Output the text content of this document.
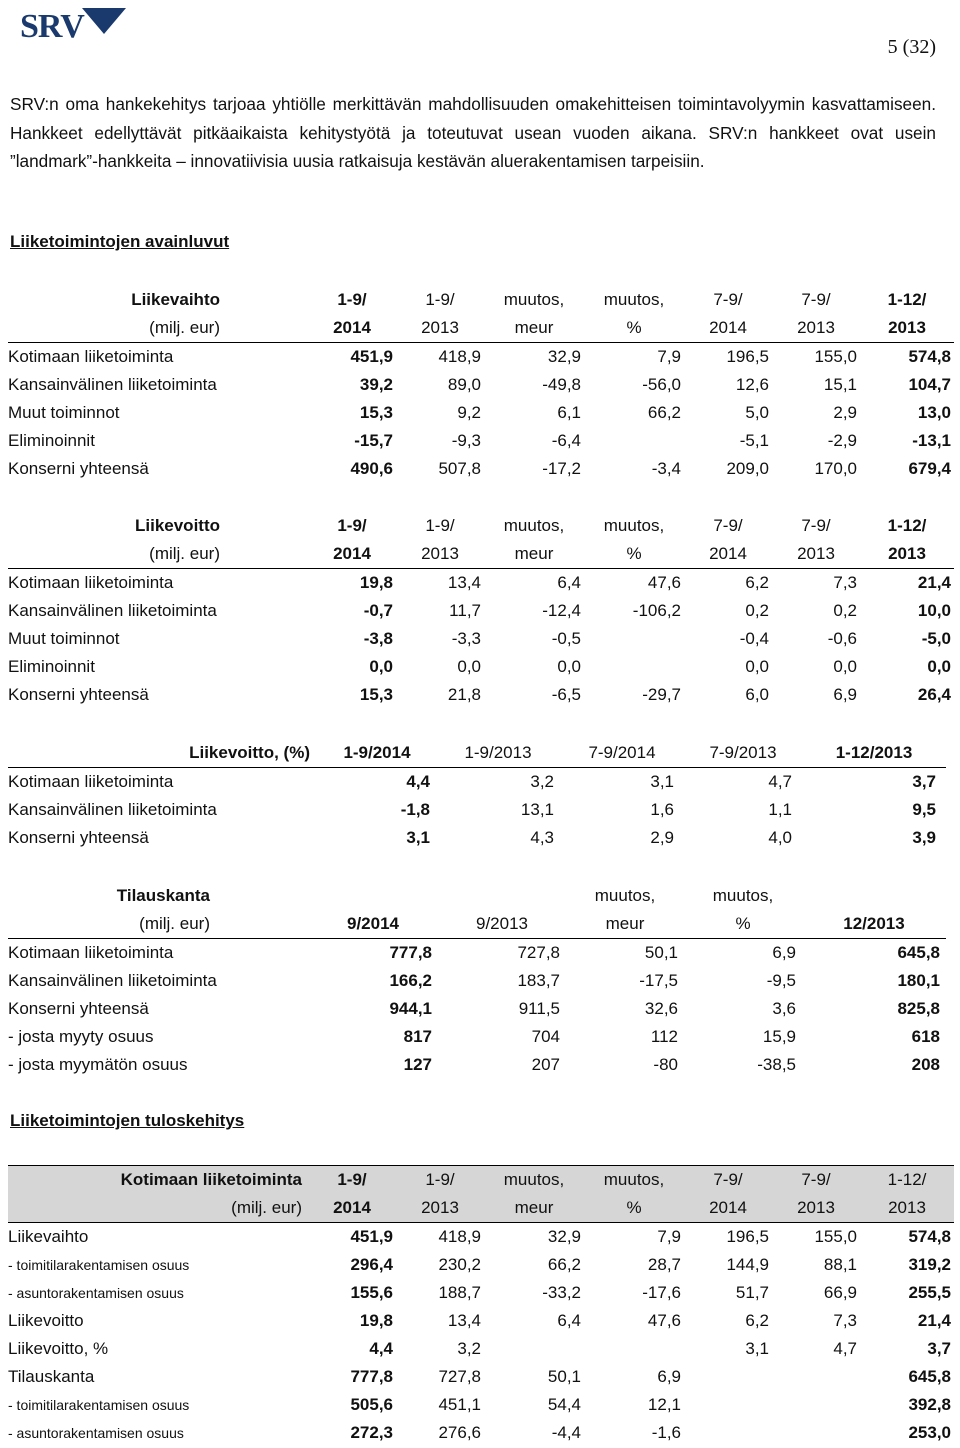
SRV
5 (32)

SRV:n oma hankekehitys tarjoaa yhtiölle merkittävän mahdollisuuden omakehitteisen toimintavolyymin kasvattamiseen. Hankkeet edellyttävät pitkäaikaista kehitystyötä ja toteutuvat usean vuoden aikana. SRV:n hankkeet ovat usein ”landmark”-hankkeita – innovatiivisia uusia ratkaisuja kestävän aluerakentamisen tarpeisiin.

Liiketoimintojen avainluvut
Liikevaihto	1-9/	1-9/	muutos,	muutos,	7-9/	7-9/	1-12/
(milj. eur)	2014	2013	meur	%	2014	2013	2013
Kotimaan liiketoiminta	451,9	418,9	32,9	7,9	196,5	155,0	574,8
Kansainvälinen liiketoiminta	39,2	89,0	-49,8	-56,0	12,6	15,1	104,7
Muut toiminnot	15,3	9,2	6,1	66,2	5,0	2,9	13,0
Eliminoinnit	-15,7	-9,3	-6,4		-5,1	-2,9	-13,1
Konserni yhteensä	490,6	507,8	-17,2	-3,4	209,0	170,0	679,4
Liikevoitto	1-9/	1-9/	muutos,	muutos,	7-9/	7-9/	1-12/
(milj. eur)	2014	2013	meur	%	2014	2013	2013
Kotimaan liiketoiminta	19,8	13,4	6,4	47,6	6,2	7,3	21,4
Kansainvälinen liiketoiminta	-0,7	11,7	-12,4	-106,2	0,2	0,2	10,0
Muut toiminnot	-3,8	-3,3	-0,5		-0,4	-0,6	-5,0
Eliminoinnit	0,0	0,0	0,0		0,0	0,0	0,0
Konserni yhteensä	15,3	21,8	-6,5	-29,7	6,0	6,9	26,4
Liikevoitto, (%)	1-9/2014	1-9/2013	7-9/2014	7-9/2013	1-12/2013
Kotimaan liiketoiminta	4,4	3,2	3,1	4,7	3,7
Kansainvälinen liiketoiminta	-1,8	13,1	1,6	1,1	9,5
Konserni yhteensä	3,1	4,3	2,9	4,0	3,9
Tilauskanta			muutos,	muutos,	
(milj. eur)	9/2014	9/2013	meur	%	12/2013
Kotimaan liiketoiminta	777,8	727,8	50,1	6,9	645,8
Kansainvälinen liiketoiminta	166,2	183,7	-17,5	-9,5	180,1
Konserni yhteensä	944,1	911,5	32,6	3,6	825,8
- josta myyty osuus	817	704	112	15,9	618
- josta myymätön osuus	127	207	-80	-38,5	208
Liiketoimintojen tuloskehitys
Kotimaan liiketoiminta	1-9/	1-9/	muutos,	muutos,	7-9/	7-9/	1-12/
(milj. eur)	2014	2013	meur	%	2014	2013	2013
Liikevaihto	451,9	418,9	32,9	7,9	196,5	155,0	574,8
- toimitilarakentamisen osuus	296,4	230,2	66,2	28,7	144,9	88,1	319,2
- asuntorakentamisen osuus	155,6	188,7	-33,2	-17,6	51,7	66,9	255,5
Liikevoitto	19,8	13,4	6,4	47,6	6,2	7,3	21,4
Liikevoitto, %	4,4	3,2			3,1	4,7	3,7
Tilauskanta	777,8	727,8	50,1	6,9			645,8
- toimitilarakentamisen osuus	505,6	451,1	54,4	12,1			392,8
- asuntorakentamisen osuus	272,3	276,6	-4,4	-1,6			253,0
